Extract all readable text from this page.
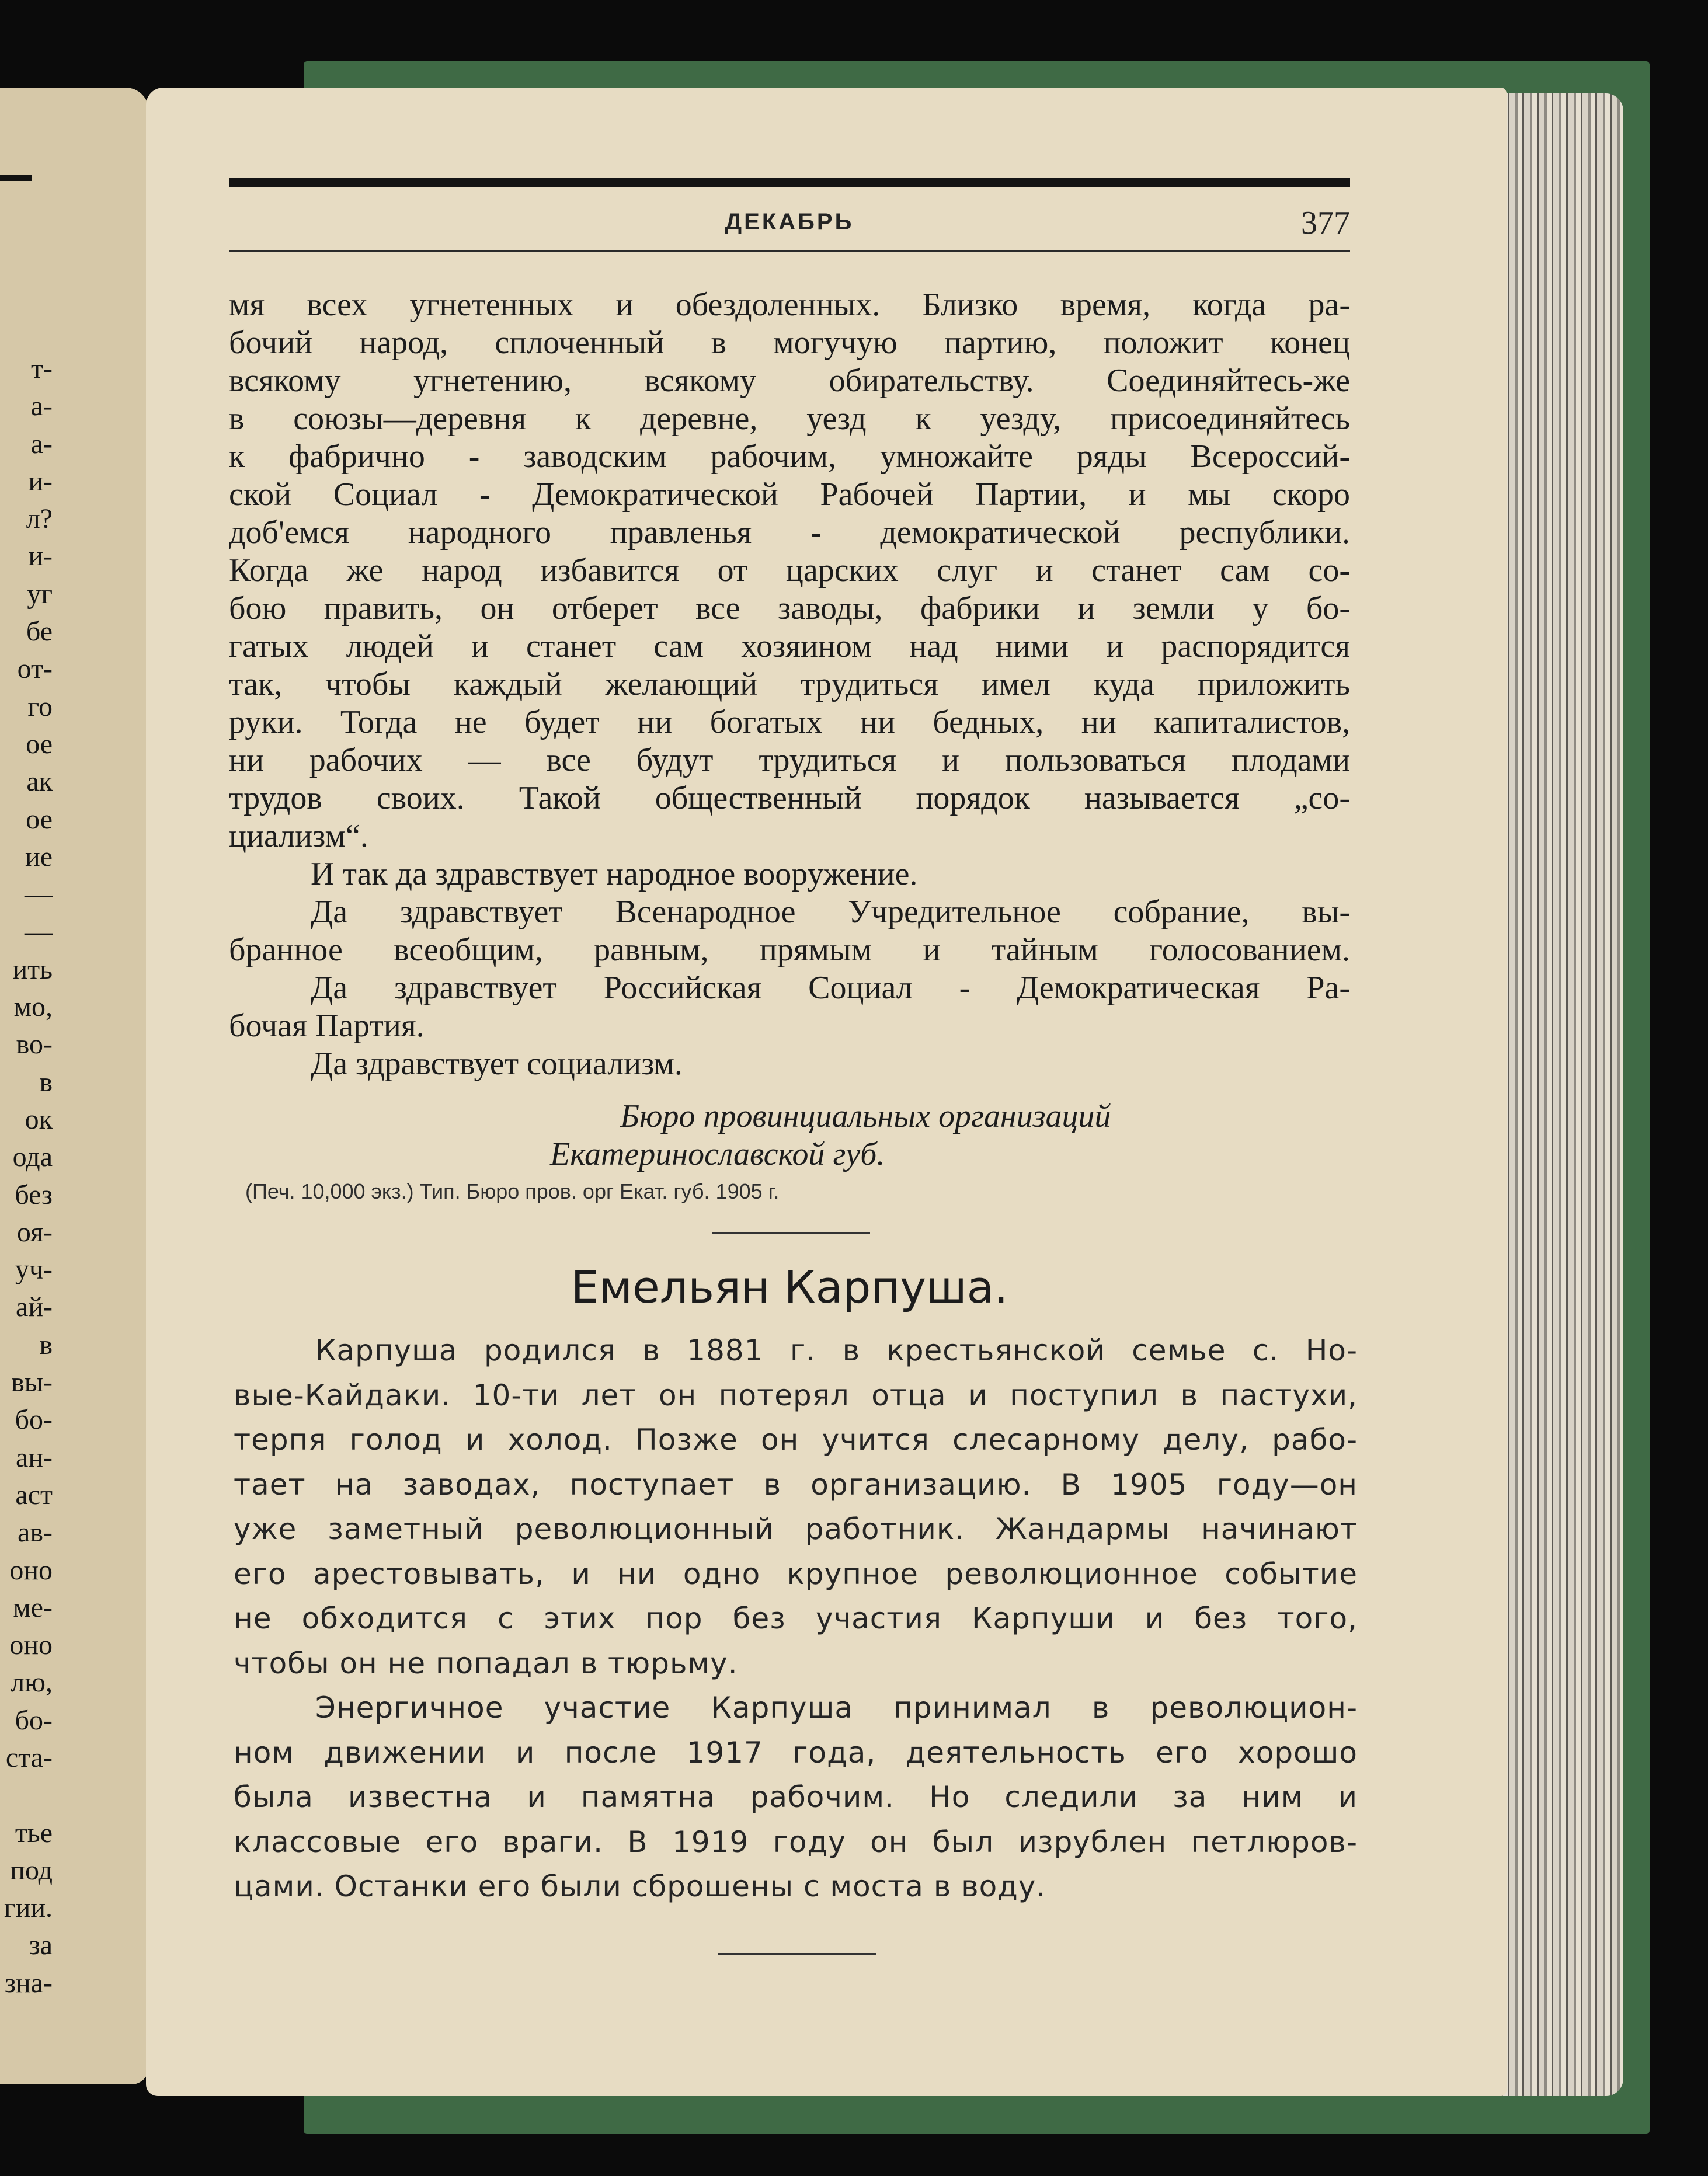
т-
а-
а-
и-
л?
и-
уг
бе
от-
го
ое
ак
ое
ие
—
—
ить
мо,
во-
в
ок
ода
без
оя-
уч-
ай-
в
вы-
бо-
ан-
аст
ав-
оно
ме-
оно
лю,
бо-
ста-
тье
под
гии.
за
зна-
ДЕКАБРЬ	377
мя всех угнетенных и обездоленных. Близко время, когда ра-
бочий народ, сплоченный в могучую партию, положит конец
всякому угнетению, всякому обирательству. Соединяйтесь-же
в союзы—деревня к деревне, уезд к уезду, присоединяйтесь
к фабрично - заводским рабочим, умножайте ряды Всероссий-
ской Социал - Демократической Рабочей Партии, и мы скоро
доб'емся народного правленья - демократической республики.
Когда же народ избавится от царских слуг и станет сам со-
бою править, он отберет все заводы, фабрики и земли у бо-
гатых людей и станет сам хозяином над ними и распорядится
так, чтобы каждый желающий трудиться имел куда приложить
руки. Тогда не будет ни богатых ни бедных, ни капиталистов,
ни рабочих — все будут трудиться и пользоваться плодами
трудов своих. Такой общественный порядок называется „со-
циализм“.
И так да здравствует народное вооружение.
Да здравствует Всенародное Учредительное собрание, вы-
бранное всеобщим, равным, прямым и тайным голосованием.
Да здравствует Российская Социал - Демократическая Ра-
бочая Партия.
Да здравствует социализм.
Бюро провинциальных организаций
Екатеринославской губ.
(Печ. 10,000 экз.) Тип. Бюро пров. орг Екат. губ. 1905 г.
Емельян Карпуша.
Карпуша родился в 1881 г. в крестьянской семье с. Но-
вые-Кайдаки. 10-ти лет он потерял отца и поступил в пастухи,
терпя голод и холод. Позже он учится слесарному делу, рабо-
тает на заводах, поступает в организацию. В 1905 году—он
уже заметный революционный работник. Жандармы начинают
его арестовывать, и ни одно крупное революционное событие
не обходится с этих пор без участия Карпуши и без того,
чтобы он не попадал в тюрьму.
Энергичное участие Карпуша принимал в революцион-
ном движении и после 1917 года, деятельность его хорошо
была известна и памятна рабочим. Но следили за ним и
классовые его враги. В 1919 году он был изрублен петлюров-
цами. Останки его были сброшены с моста в воду.
